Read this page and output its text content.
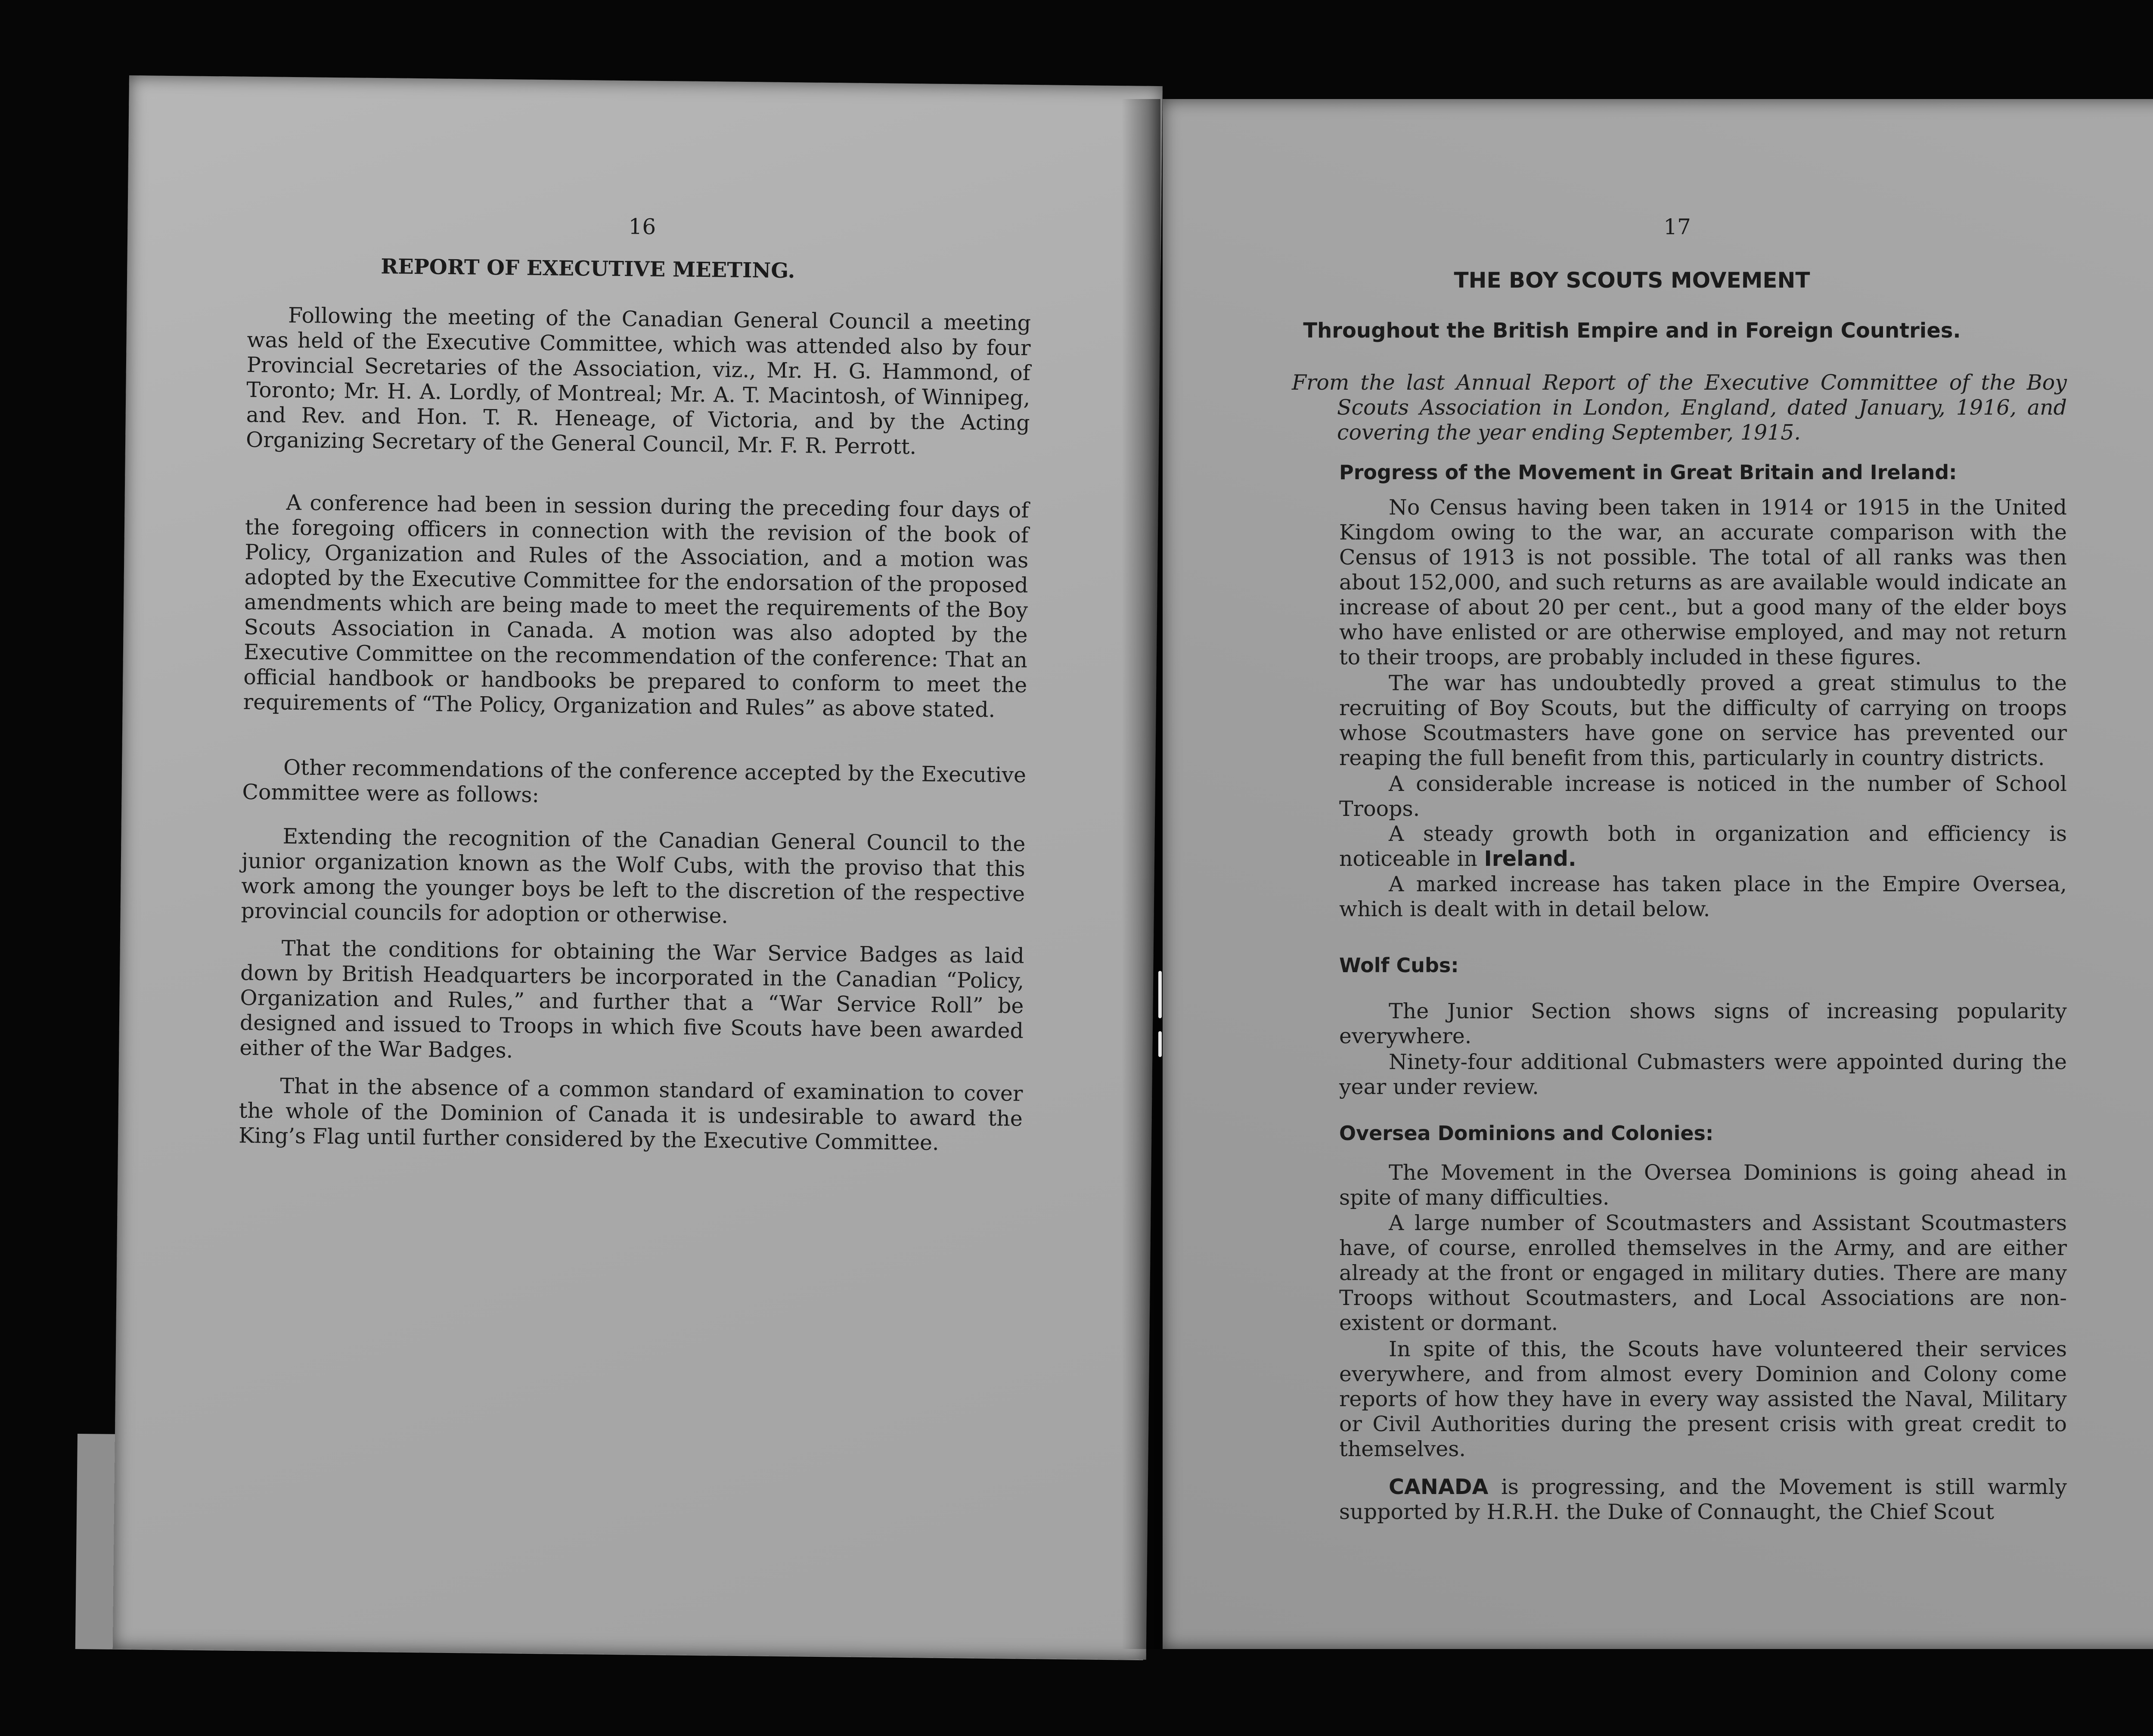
16
REPORT OF EXECUTIVE MEETING.

Following the meeting of the Canadian General Council a meeting was held of the Executive Committee, which was attended also by four Provincial Secretaries of the Association, viz., Mr. H. G. Hammond, of Toronto; Mr. H. A. Lordly, of Montreal; Mr. A. T. Macintosh, of Winnipeg, and Rev. and Hon. T. R. Heneage, of Victoria, and by the Acting Organizing Secretary of the General Council, Mr. F. R. Perrott.

A conference had been in session during the preceding four days of the foregoing officers in connection with the revision of the book of Policy, Organization and Rules of the Association, and a motion was adopted by the Executive Committee for the endorsation of the proposed amendments which are being made to meet the requirements of the Boy Scouts Association in Canada. A motion was also adopted by the Executive Committee on the recommendation of the conference: That an official handbook or handbooks be prepared to conform to meet the requirements of “The Policy, Organization and Rules” as above stated.

Other recommendations of the conference accepted by the Executive Committee were as follows:

Extending the recognition of the Canadian General Council to the junior organization known as the Wolf Cubs, with the proviso that this work among the younger boys be left to the discretion of the respective provincial councils for adoption or otherwise.

That the conditions for obtaining the War Service Badges as laid down by British Headquarters be incorporated in the Canadian “Policy, Organization and Rules,” and further that a “War Service Roll” be designed and issued to Troops in which five Scouts have been awarded either of the War Badges.

That in the absence of a common standard of examination to cover the whole of the Dominion of Canada it is undesirable to award the King’s Flag until further considered by the Executive Committee.

17
THE BOY SCOUTS MOVEMENT
Throughout the British Empire and in Foreign Countries.

From the last Annual Report of the Executive Committee of the Boy Scouts Association in London, England, dated January, 1916, and covering the year ending September, 1915.

Progress of the Movement in Great Britain and Ireland:

No Census having been taken in 1914 or 1915 in the United Kingdom owing to the war, an accurate comparison with the Census of 1913 is not possible. The total of all ranks was then about 152,000, and such returns as are available would indicate an increase of about 20 per cent., but a good many of the elder boys who have enlisted or are otherwise employed, and may not return to their troops, are probably included in these figures.

The war has undoubtedly proved a great stimulus to the recruiting of Boy Scouts, but the difficulty of carrying on troops whose Scoutmasters have gone on service has prevented our reaping the full benefit from this, particularly in country districts.

A considerable increase is noticed in the number of School Troops.

A steady growth both in organization and efficiency is noticeable in Ireland.

A marked increase has taken place in the Empire Oversea, which is dealt with in detail below.

Wolf Cubs:

The Junior Section shows signs of increasing popularity everywhere.

Ninety-four additional Cubmasters were appointed during the year under review.

Oversea Dominions and Colonies:

The Movement in the Oversea Dominions is going ahead in spite of many difficulties.

A large number of Scoutmasters and Assistant Scoutmasters have, of course, enrolled themselves in the Army, and are either already at the front or engaged in military duties. There are many Troops without Scoutmasters, and Local Associations are non-existent or dormant.

In spite of this, the Scouts have volunteered their services everywhere, and from almost every Dominion and Colony come reports of how they have in every way assisted the Naval, Military or Civil Authorities during the present crisis with great credit to themselves.

CANADA is progressing, and the Movement is still warmly supported by H.R.H. the Duke of Connaught, the Chief Scout
